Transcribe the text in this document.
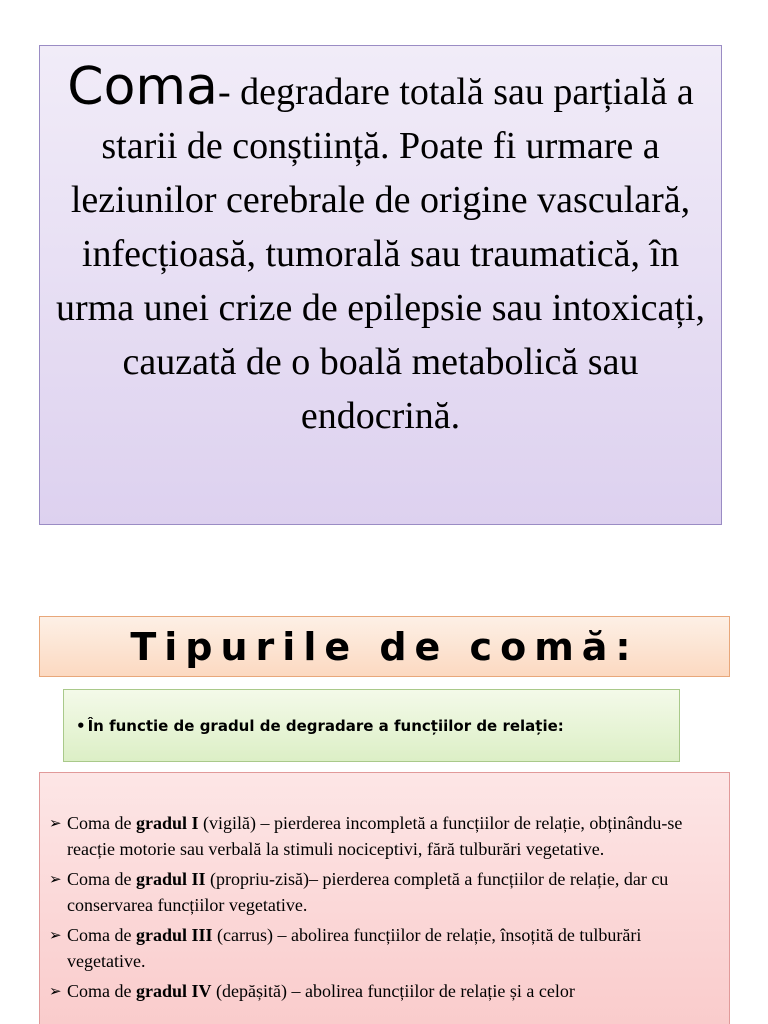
Coma- degradare totală sau parțială a starii de conștiință. Poate fi urmare a leziunilor cerebrale de origine vasculară, infecțioasă, tumorală sau traumatică, în urma unei crize de epilepsie sau intoxicați, cauzată de o boală metabolică sau endocrină.
Tipurile de comă:
• În functie de gradul de degradare a funcțiilor de relație:
➢ Coma de gradul I (vigilă) – pierderea incompletă a funcțiilor de relație, obținându-se reacție motorie sau verbală la stimuli nociceptivi, fără tulburări vegetative.
➢ Coma de gradul II (propriu-zisă)– pierderea completă a funcțiilor de relație, dar cu conservarea funcțiilor vegetative.
➢ Coma de gradul III (carrus) – abolirea funcțiilor de relație, însoțită de tulburări vegetative.
➢ Coma de gradul IV (depășită) – abolirea funcțiilor de relație și a celor
